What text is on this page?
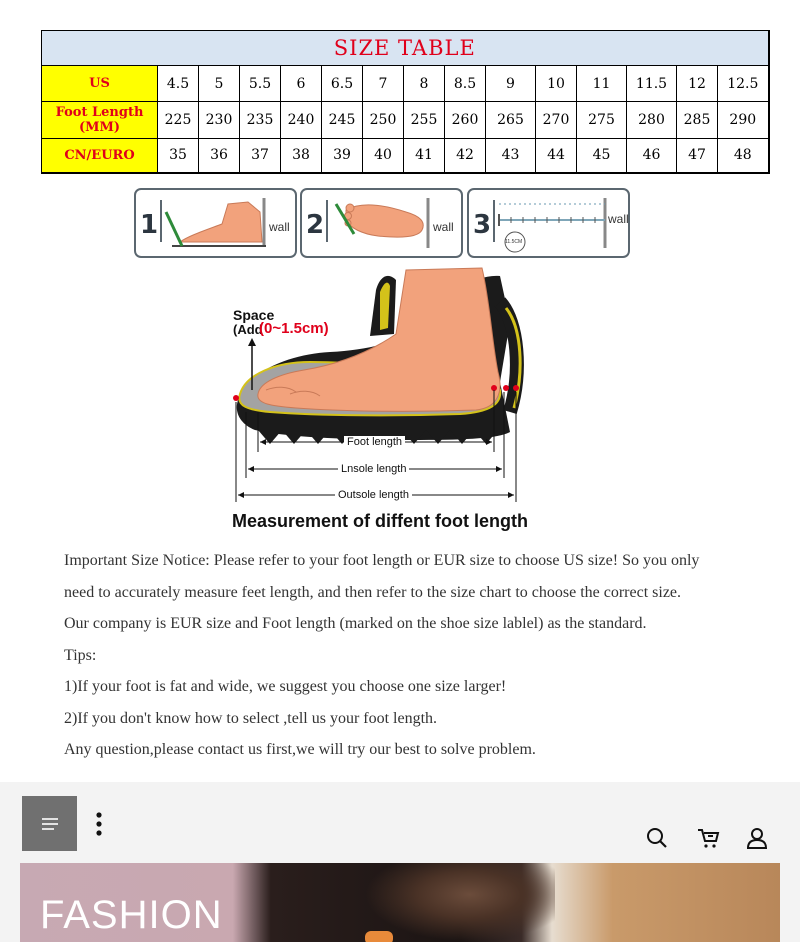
SIZE TABLE														
US	4.5	5	5.5	6	6.5	7	8	8.5	9	10	11	11.5	12	12.5
Foot Length (MM)	225	230	235	240	245	250	255	260	265	270	275	280	285	290
CN/EURO	35	36	37	38	39	40	41	42	43	44	45	46	47	48
1	wall 2	wall 3	wall
11.5CM
Space
(Add
(0~1.5cm)
Foot length
Lnsole length
Outsole length
Measurement of diffent foot length

Important Size Notice: Please refer to your foot length or EUR size to choose US size! So you only

need to accurately measure feet length, and then refer to the size chart to choose the correct size.

Our company is EUR size and Foot length (marked on the shoe size lablel) as the standard.

Tips:

1)If your foot is fat and wide, we suggest you choose one size larger!

2)If you don't know how to select ,tell us your foot length.

Any question,please contact us first,we will try our best to solve problem.

FASHION
